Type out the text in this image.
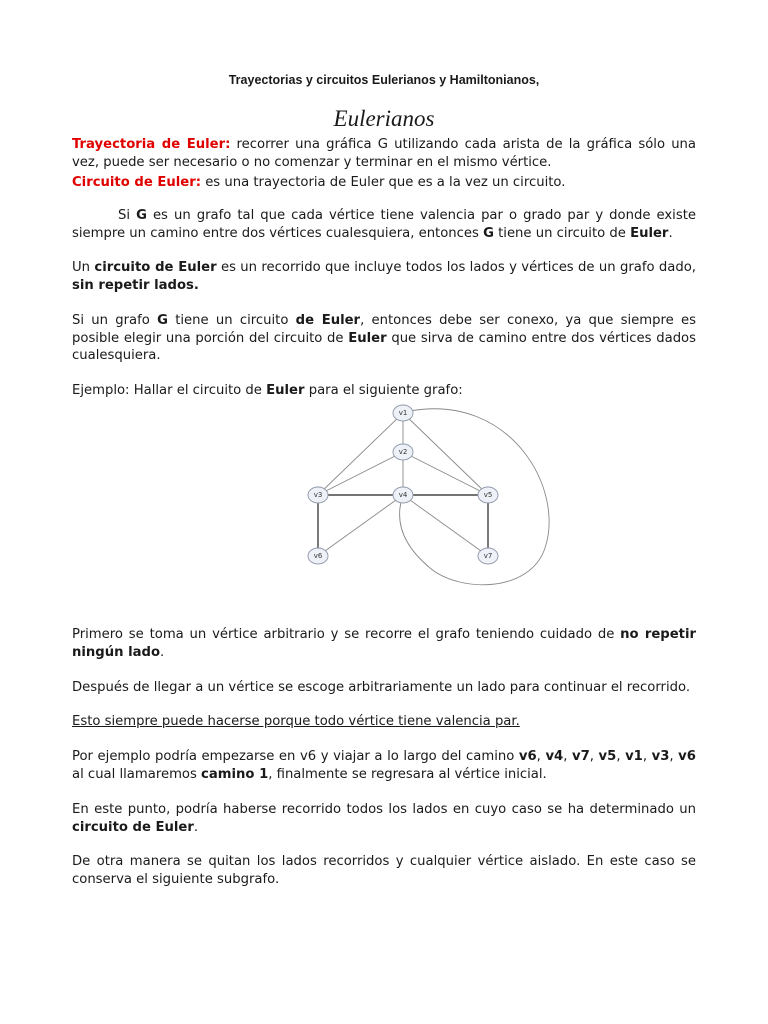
Trayectorias y circuitos Eulerianos y Hamiltonianos,
Eulerianos

Trayectoria de Euler: recorrer una gráfica G utilizando cada arista de la gráfica sólo una vez, puede ser necesario o no comenzar y terminar en el mismo vértice.

Circuito de Euler: es una trayectoria de Euler que es a la vez un circuito.

Si G es un grafo tal que cada vértice tiene valencia par o grado par y donde existe siempre un camino entre dos vértices cualesquiera, entonces G tiene un circuito de Euler.

Un circuito de Euler es un recorrido que incluye todos los lados y vértices de un grafo dado, sin repetir lados.

Si un grafo G tiene un circuito de Euler, entonces debe ser conexo, ya que siempre es posible elegir una porción del circuito de Euler que sirva de camino entre dos vértices dados cualesquiera.

Ejemplo: Hallar el circuito de Euler para el siguiente grafo:

v1
v2
v3	v4	v5
v6	v7

Primero se toma un vértice arbitrario y se recorre el grafo teniendo cuidado de no repetir ningún lado.

Después de llegar a un vértice se escoge arbitrariamente un lado para continuar el recorrido.

Esto siempre puede hacerse porque todo vértice tiene valencia par.

Por ejemplo podría empezarse en v6 y viajar a lo largo del camino v6, v4, v7, v5, v1, v3, v6 al cual llamaremos camino 1, finalmente se regresara al vértice inicial.

En este punto, podría haberse recorrido todos los lados en cuyo caso se ha determinado un circuito de Euler.

De otra manera se quitan los lados recorridos y cualquier vértice aislado. En este caso se conserva el siguiente subgrafo.
